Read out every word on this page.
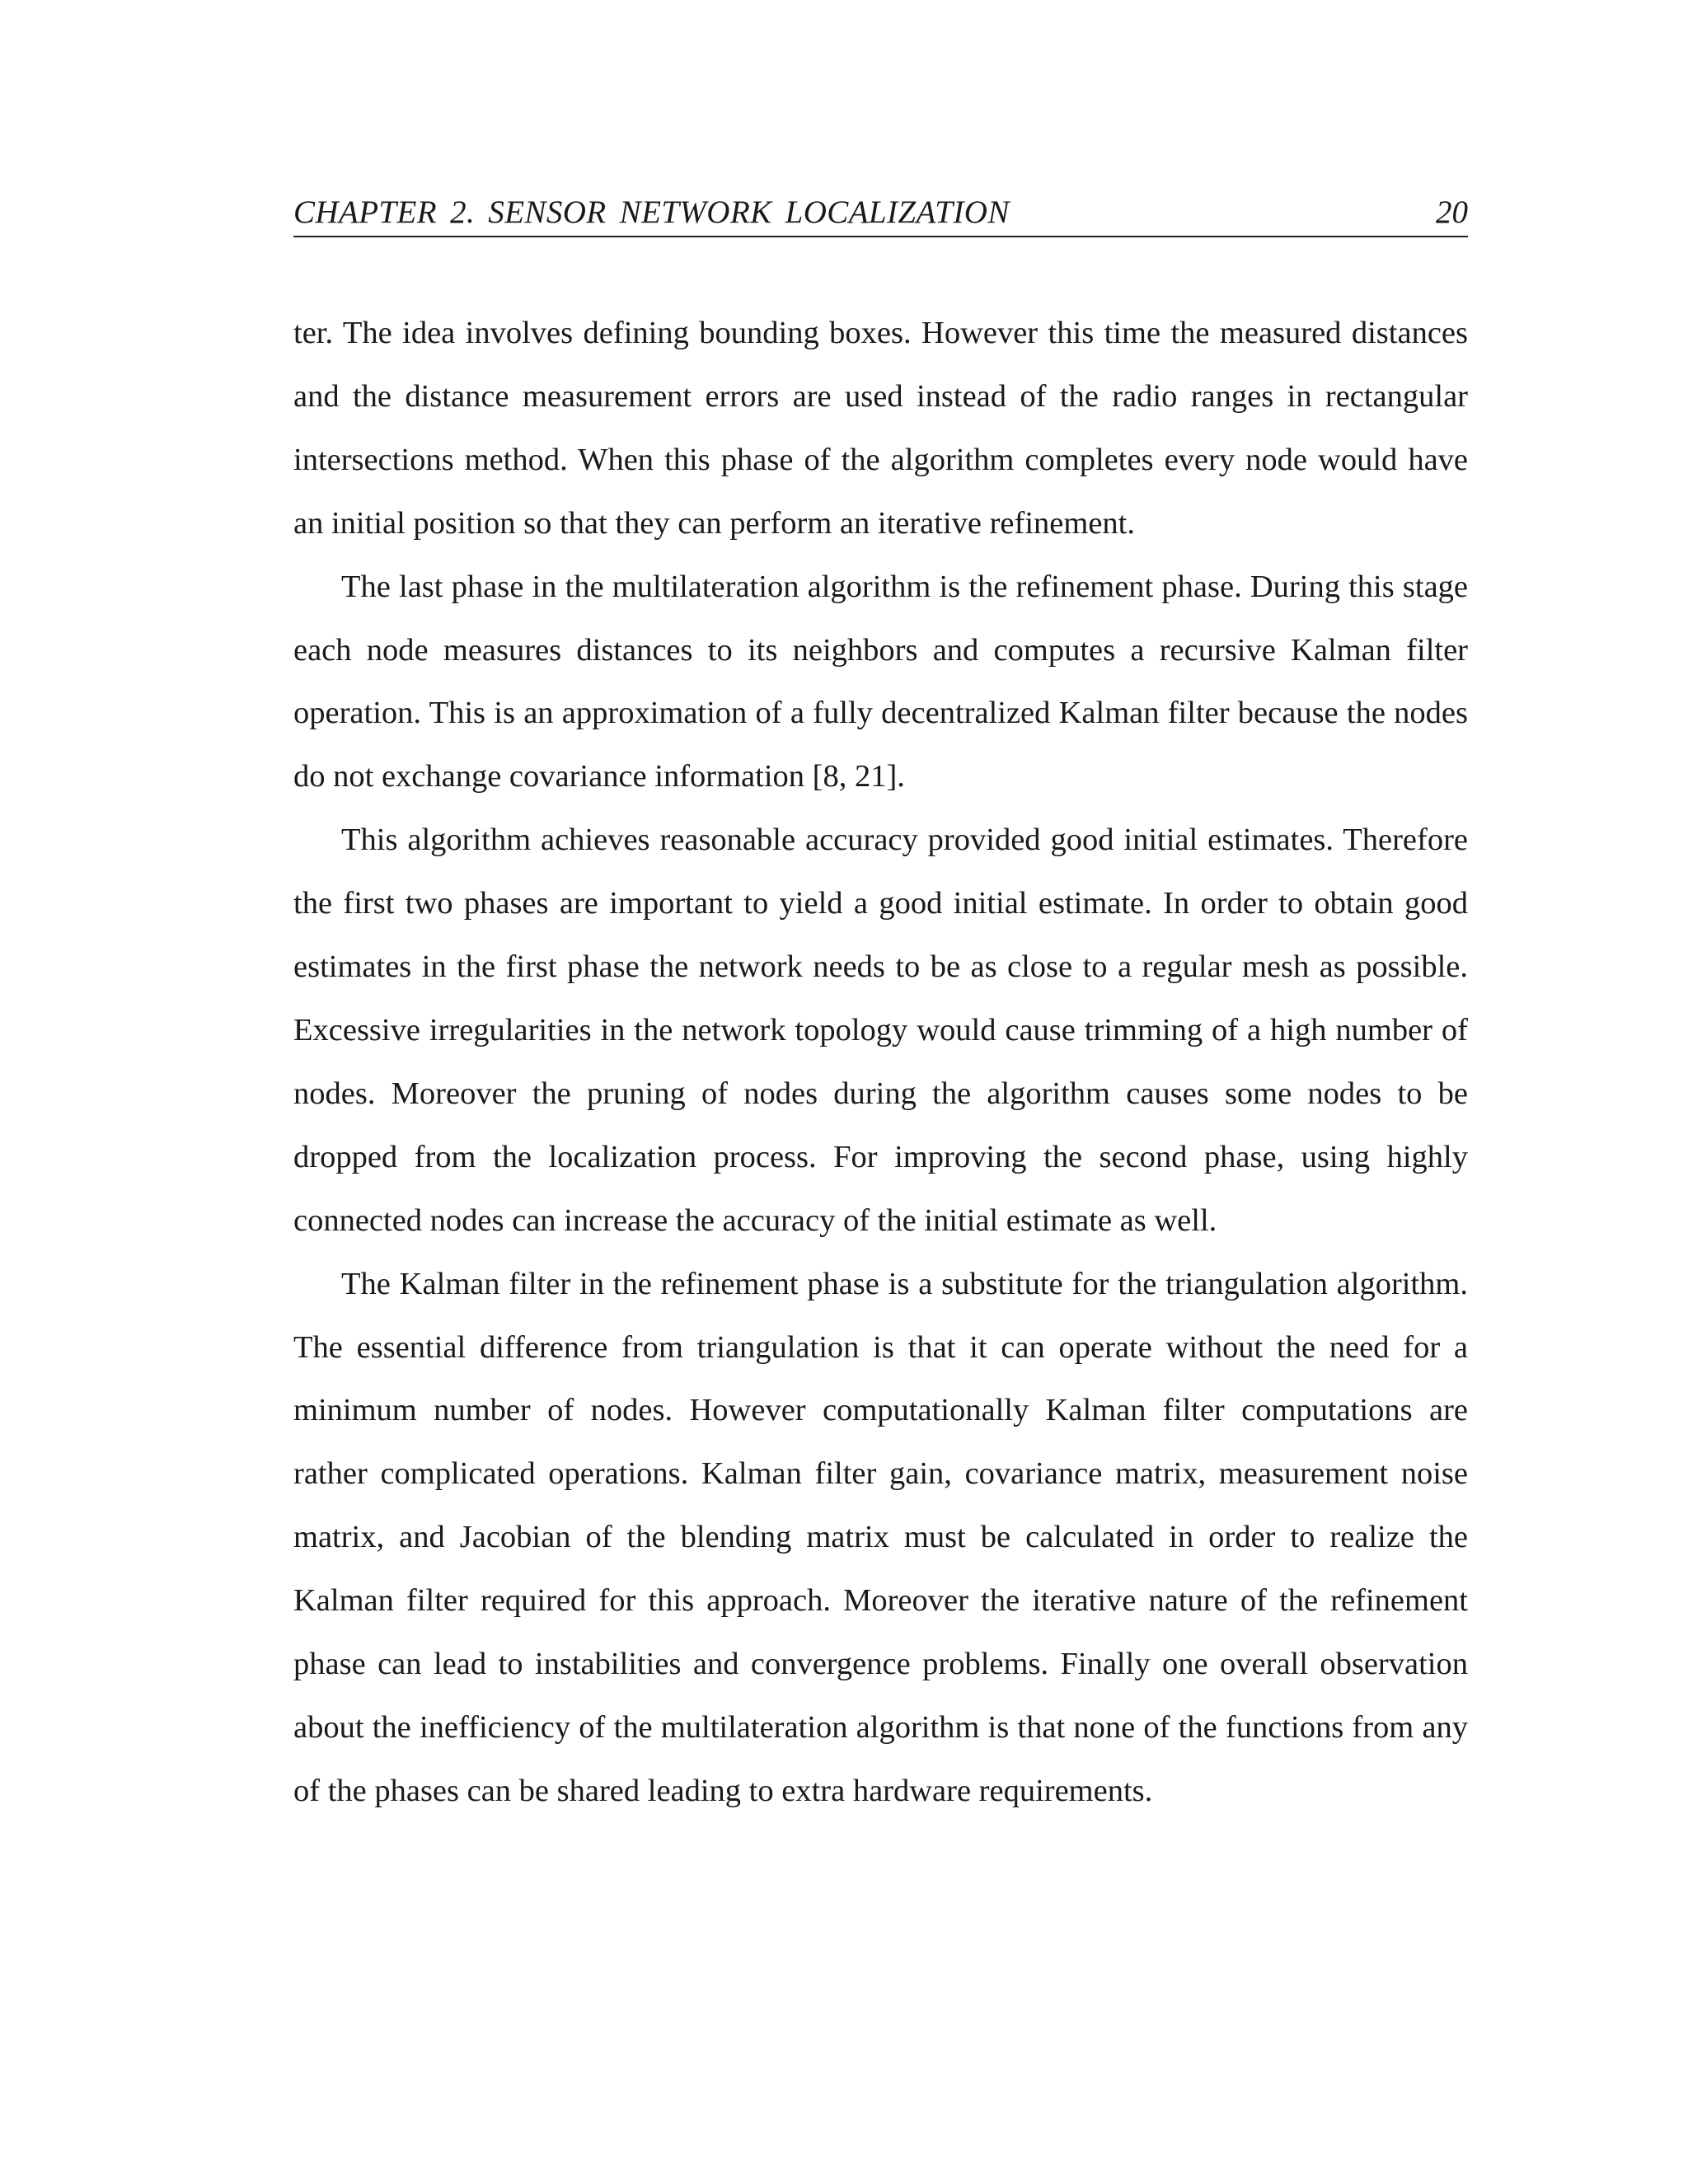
CHAPTER 2. SENSOR NETWORK LOCALIZATION	20

ter. The idea involves defining bounding boxes. However this time the measured distances and the distance measurement errors are used instead of the radio ranges in rectangular intersections method. When this phase of the algorithm completes every node would have an initial position so that they can perform an iterative refinement.

The last phase in the multilateration algorithm is the refinement phase. During this stage each node measures distances to its neighbors and computes a recursive Kalman filter operation. This is an approximation of a fully decentralized Kalman filter because the nodes do not exchange covariance information [8, 21].

This algorithm achieves reasonable accuracy provided good initial estimates. Therefore the first two phases are important to yield a good initial estimate. In order to obtain good estimates in the first phase the network needs to be as close to a regular mesh as possible. Excessive irregularities in the network topology would cause trimming of a high number of nodes. Moreover the pruning of nodes during the algorithm causes some nodes to be dropped from the localization process. For improving the second phase, using highly connected nodes can increase the accuracy of the initial estimate as well.

The Kalman filter in the refinement phase is a substitute for the triangulation algorithm. The essential difference from triangulation is that it can operate without the need for a minimum number of nodes. However computationally Kalman filter computations are rather complicated operations. Kalman filter gain, covariance matrix, measurement noise matrix, and Jacobian of the blending matrix must be calculated in order to realize the Kalman filter required for this approach. Moreover the iterative nature of the refinement phase can lead to instabilities and convergence problems. Finally one overall observation about the inefficiency of the multilateration algorithm is that none of the functions from any of the phases can be shared leading to extra hardware requirements.
